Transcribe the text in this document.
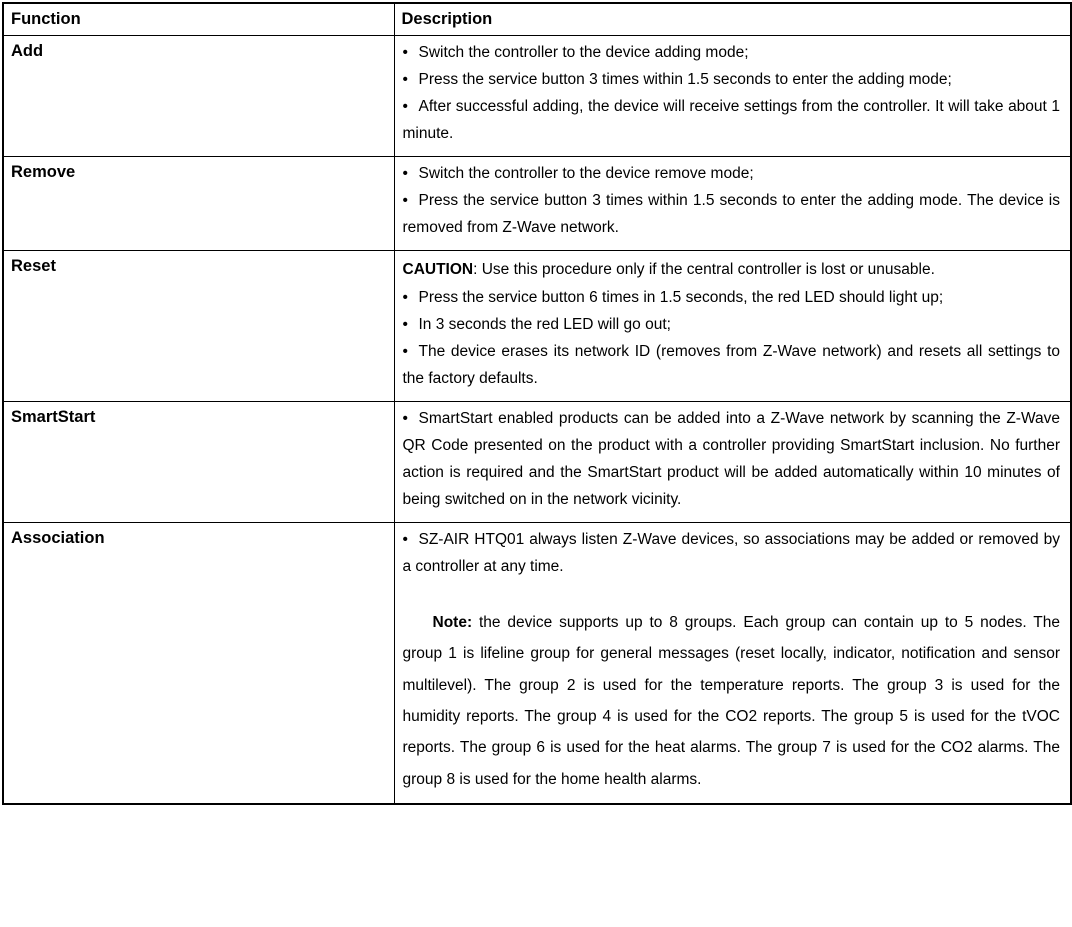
Function	Description
Add	• Switch the controller to the device adding mode;
• Press the service button 3 times within 1.5 seconds to enter the adding mode;
• After successful adding, the device will receive settings from the controller. It will take about 1 minute.

Remove	• Switch the controller to the device remove mode;
• Press the service button 3 times within 1.5 seconds to enter the adding mode. The device is removed from Z-Wave network.

Reset	CAUTION: Use this procedure only if the central controller is lost or unusable.
• Press the service button 6 times in 1.5 seconds, the red LED should light up;
• In 3 seconds the red LED will go out;
• The device erases its network ID (removes from Z-Wave network) and resets all settings to the factory defaults.

SmartStart	• SmartStart enabled products can be added into a Z-Wave network by scanning the Z-Wave QR Code presented on the product with a controller providing SmartStart inclusion. No further action is required and the SmartStart product will be added automatically within 10 minutes of being switched on in the network vicinity.

Association	• SZ-AIR HTQ01 always listen Z-Wave devices, so associations may be added or removed by a controller at any time.
Note: the device supports up to 8 groups. Each group can contain up to 5 nodes. The group 1 is lifeline group for general messages (reset locally, indicator, notification and sensor multilevel). The group 2 is used for the temperature reports. The group 3 is used for the humidity reports. The group 4 is used for the CO2 reports. The group 5 is used for the tVOC reports. The group 6 is used for the heat alarms. The group 7 is used for the CO2 alarms. The group 8 is used for the home health alarms.
